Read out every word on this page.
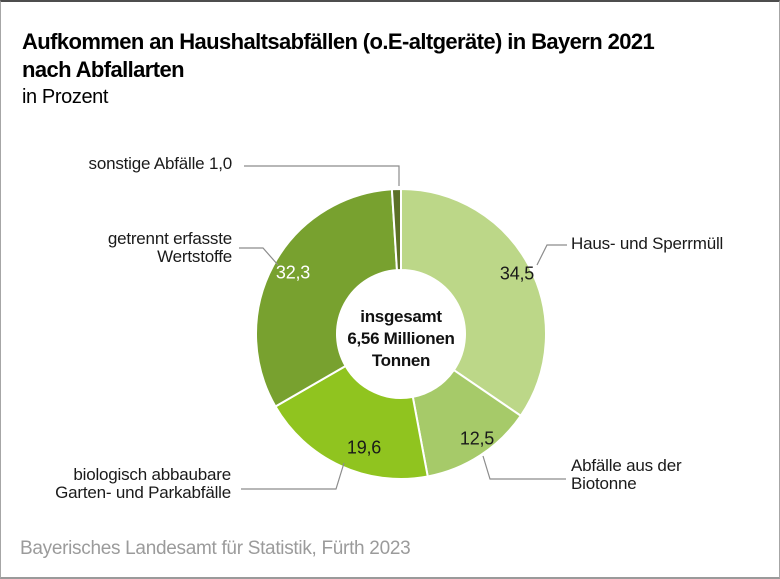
Aufkommen an Haushaltsabfällen (o.E-altgeräte) in Bayern 2021
nach Abfallarten
in Prozent
sonstige Abfälle 1,0
getrennt erfasste
Wertstoffe
biologisch abbaubare
Garten- und Parkabfälle
Haus- und Sperrmüll
Abfälle aus der
Biotonne
34,5
12,5
19,6
32,3
insgesamt
6,56 Millionen
Tonnen
Bayerisches Landesamt für Statistik, Fürth 2023
